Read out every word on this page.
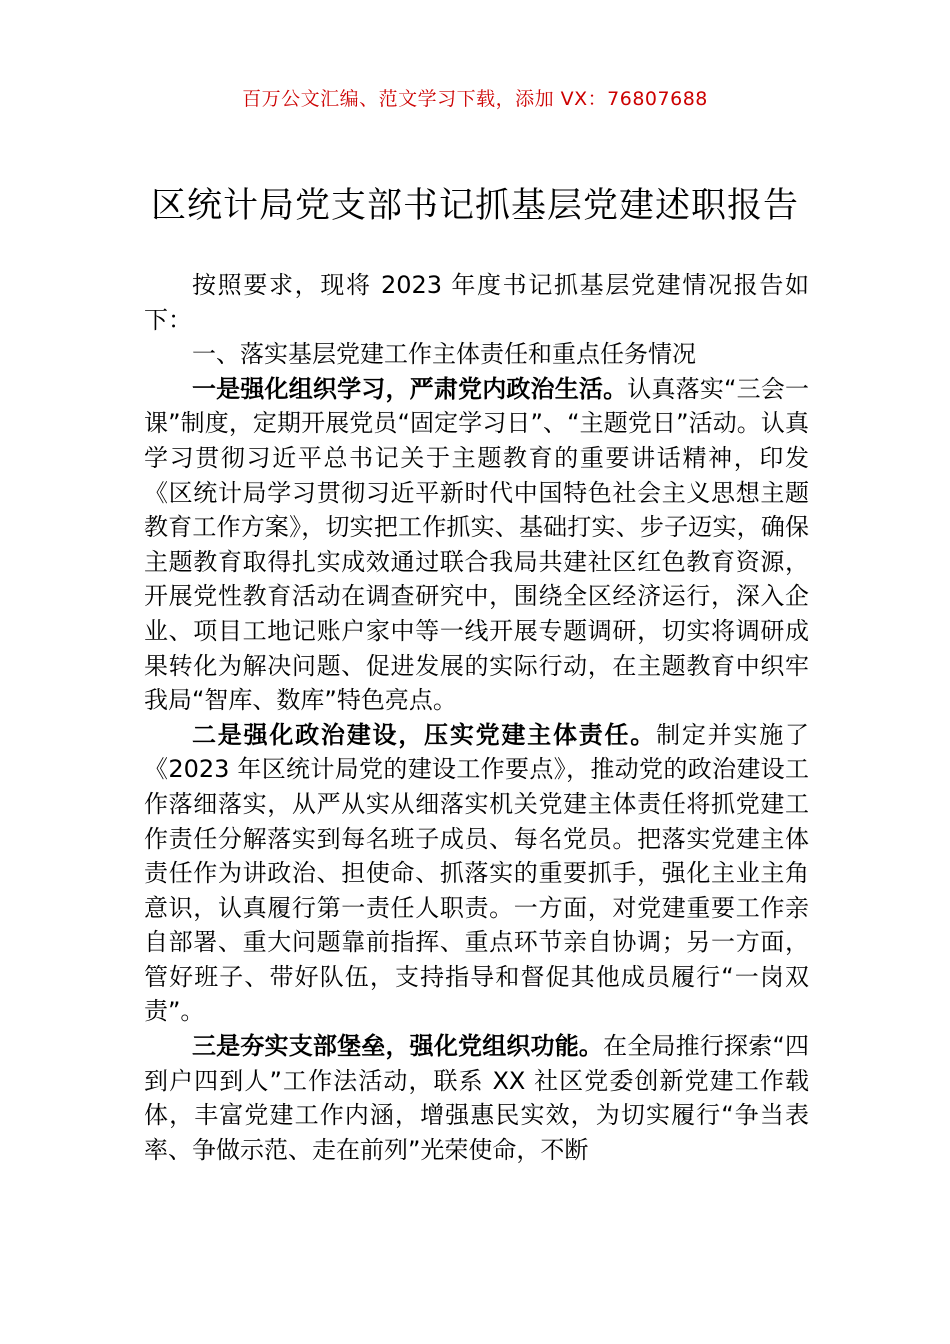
百万公文汇编、范文学习下载，添加 VX：76807688
区统计局党支部书记抓基层党建述职报告

按照要求，现将 2023 年度书记抓基层党建情况报告如下：

一、落实基层党建工作主体责任和重点任务情况

一是强化组织学习，严肃党内政治生活。认真落实“三会一课”制度，定期开展党员“固定学习日”、“主题党日”活动。认真学习贯彻习近平总书记关于主题教育的重要讲话精神，印发《区统计局学习贯彻习近平新时代中国特色社会主义思想主题教育工作方案》，切实把工作抓实、基础打实、步子迈实，确保主题教育取得扎实成效通过联合我局共建社区红色教育资源，开展党性教育活动在调查研究中，围绕全区经济运行，深入企业、项目工地记账户家中等一线开展专题调研，切实将调研成果转化为解决问题、促进发展的实际行动，在主题教育中织牢我局“智库、数库”特色亮点。

二是强化政治建设，压实党建主体责任。制定并实施了《2023 年区统计局党的建设工作要点》，推动党的政治建设工作落细落实，从严从实从细落实机关党建主体责任将抓党建工作责任分解落实到每名班子成员、每名党员。把落实党建主体责任作为讲政治、担使命、抓落实的重要抓手，强化主业主角意识，认真履行第一责任人职责。一方面，对党建重要工作亲自部署、重大问题靠前指挥、重点环节亲自协调；另一方面，管好班子、带好队伍，支持指导和督促其他成员履行“一岗双责”。

三是夯实支部堡垒，强化党组织功能。在全局推行探索“四到户四到人”工作法活动，联系 XX 社区党委创新党建工作载体，丰富党建工作内涵，增强惠民实效，为切实履行“争当表率、争做示范、走在前列”光荣使命，不断
